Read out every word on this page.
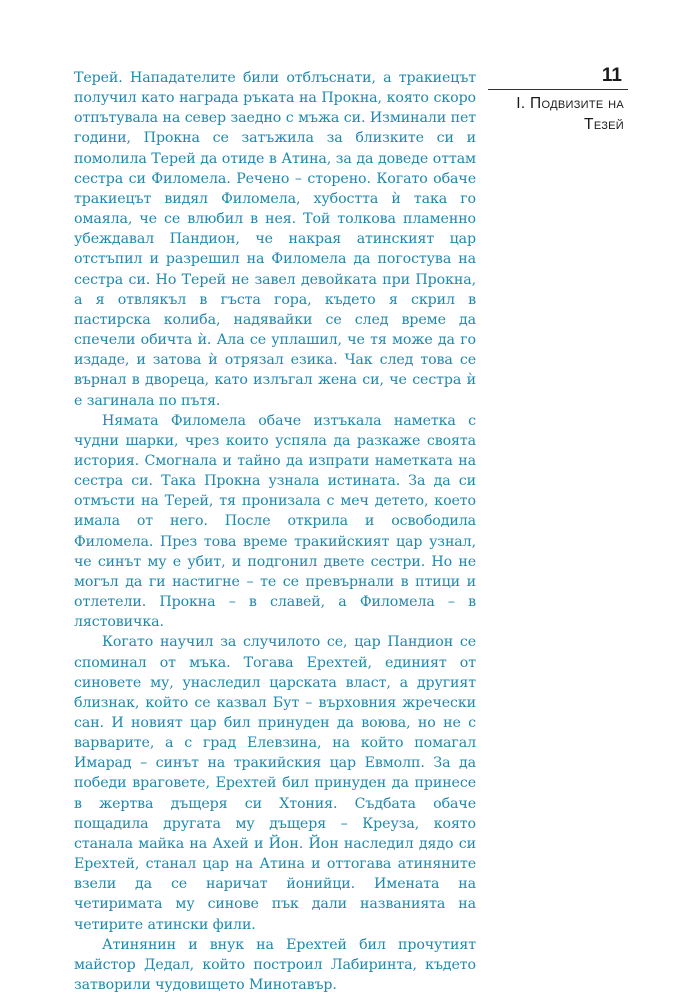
11
I. Подвизите на
Тезей

Терей. Нападателите били отблъснати, а тракиецът получил като награда ръката на Прокна, която скоро отпътувала на север заедно с мъжа си. Изминали пет години, Прокна се затъжила за близките си и помолила Терей да отиде в Атина, за да доведе оттам сестра си Филомела. Речено – сторено. Когато обаче тракиецът видял Филомела, хубостта ѝ така го омаяла, че се влюбил в нея. Той толкова пламенно убеждавал Пандион, че накрая атинският цар отстъпил и разрешил на Филомела да погостува на сестра си. Но Терей не завел девойката при Прокна, а я отвлякъл в гъста гора, където я скрил в пастирска колиба, надявайки се след време да спечели обичта ѝ. Ала се уплашил, че тя може да го издаде, и затова ѝ отрязал езика. Чак след това се върнал в двореца, като излъгал жена си, че сестра ѝ е загинала по пътя.

Нямата Филомела обаче изтъкала наметка с чудни шарки, чрез които успяла да разкаже своята история. Смогнала и тайно да изпрати наметката на сестра си. Така Прокна узнала истината. За да си отмъсти на Терей, тя пронизала с меч детето, което имала от него. После открила и освободила Филомела. През това време тракийският цар узнал, че синът му е убит, и подгонил двете сестри. Но не могъл да ги настигне – те се превърнали в птици и отлетели. Прокна – в славей, а Филомела – в лястовичка.

Когато научил за случилото се, цар Пандион се споминал от мъка. Тогава Ерехтей, единият от синовете му, унаследил царската власт, а другият близнак, който се казвал Бут – върховния жречески сан. И новият цар бил принуден да воюва, но не с варварите, а с град Елевзина, на който помагал Имарад – синът на тракийския цар Евмолп. За да победи враговете, Ерехтей бил принуден да принесе в жертва дъщеря си Хтония. Съдбата обаче пощадила другата му дъщеря – Креуза, която станала майка на Ахей и Йон. Йон наследил дядо си Ерехтей, станал цар на Атина и оттогава атиняните взели да се наричат йонийци. Имената на четиримата му синове пък дали названията на четирите атински фили.

Атинянин и внук на Ерехтей бил прочутият майстор Дедал, който построил Лабиринта, където затворили чудовището Минотавър.
